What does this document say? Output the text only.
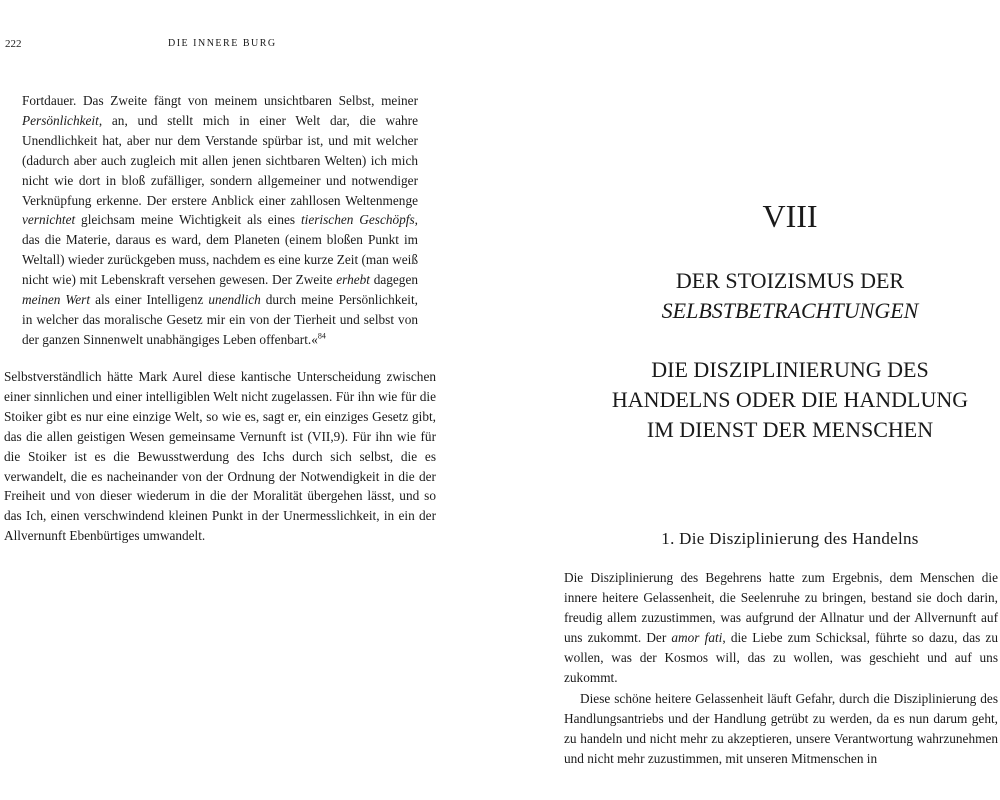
222	DIE INNERE BURG

Fortdauer. Das Zweite fängt von meinem unsichtbaren Selbst, meiner Persönlichkeit, an, und stellt mich in einer Welt dar, die wahre Unendlichkeit hat, aber nur dem Verstande spürbar ist, und mit welcher (dadurch aber auch zugleich mit allen jenen sichtbaren Welten) ich mich nicht wie dort in bloß zufälliger, sondern allgemeiner und notwendiger Verknüpfung erkenne. Der erstere Anblick einer zahllosen Weltenmenge vernichtet gleichsam meine Wichtigkeit als eines tierischen Geschöpfs, das die Materie, daraus es ward, dem Planeten (einem bloßen Punkt im Weltall) wieder zurückgeben muss, nachdem es eine kurze Zeit (man weiß nicht wie) mit Lebenskraft versehen gewesen. Der Zweite erhebt dagegen meinen Wert als einer Intelligenz unendlich durch meine Persönlichkeit, in welcher das moralische Gesetz mir ein von der Tierheit und selbst von der ganzen Sinnenwelt unabhängiges Leben offenbart.«$^{84}$

Selbstverständlich hätte Mark Aurel diese kantische Unterscheidung zwischen einer sinnlichen und einer intelligiblen Welt nicht zugelassen. Für ihn wie für die Stoiker gibt es nur eine einzige Welt, so wie es, sagt er, ein einziges Gesetz gibt, das die allen geistigen Wesen gemeinsame Vernunft ist (VII,9). Für ihn wie für die Stoiker ist es die Bewusstwerdung des Ichs durch sich selbst, die es verwandelt, die es nacheinander von der Ordnung der Notwendigkeit in die der Freiheit und von dieser wiederum in die der Moralität übergehen lässt, und so das Ich, einen verschwindend kleinen Punkt in der Unermesslichkeit, in ein der Allvernunft Ebenbürtiges umwandelt.

VIII
DER STOIZISMUS DER
SELBSTBETRACHTUNGEN
DIE DISZIPLINIERUNG DES
HANDELNS ODER DIE HANDLUNG
IM DIENST DER MENSCHEN
1. Die Disziplinierung des Handelns

Die Disziplinierung des Begehrens hatte zum Ergebnis, dem Menschen die innere heitere Gelassenheit, die Seelenruhe zu bringen, bestand sie doch darin, freudig allem zuzustimmen, was aufgrund der Allnatur und der Allvernunft auf uns zukommt. Der amor fati, die Liebe zum Schicksal, führte so dazu, das zu wollen, was der Kosmos will, das zu wollen, was geschieht und auf uns zukommt.

Diese schöne heitere Gelassenheit läuft Gefahr, durch die Disziplinierung des Handlungsantriebs und der Handlung getrübt zu werden, da es nun darum geht, zu handeln und nicht mehr zu akzeptieren, unsere Verantwortung wahrzunehmen und nicht mehr zuzustimmen, mit unseren Mitmenschen in
